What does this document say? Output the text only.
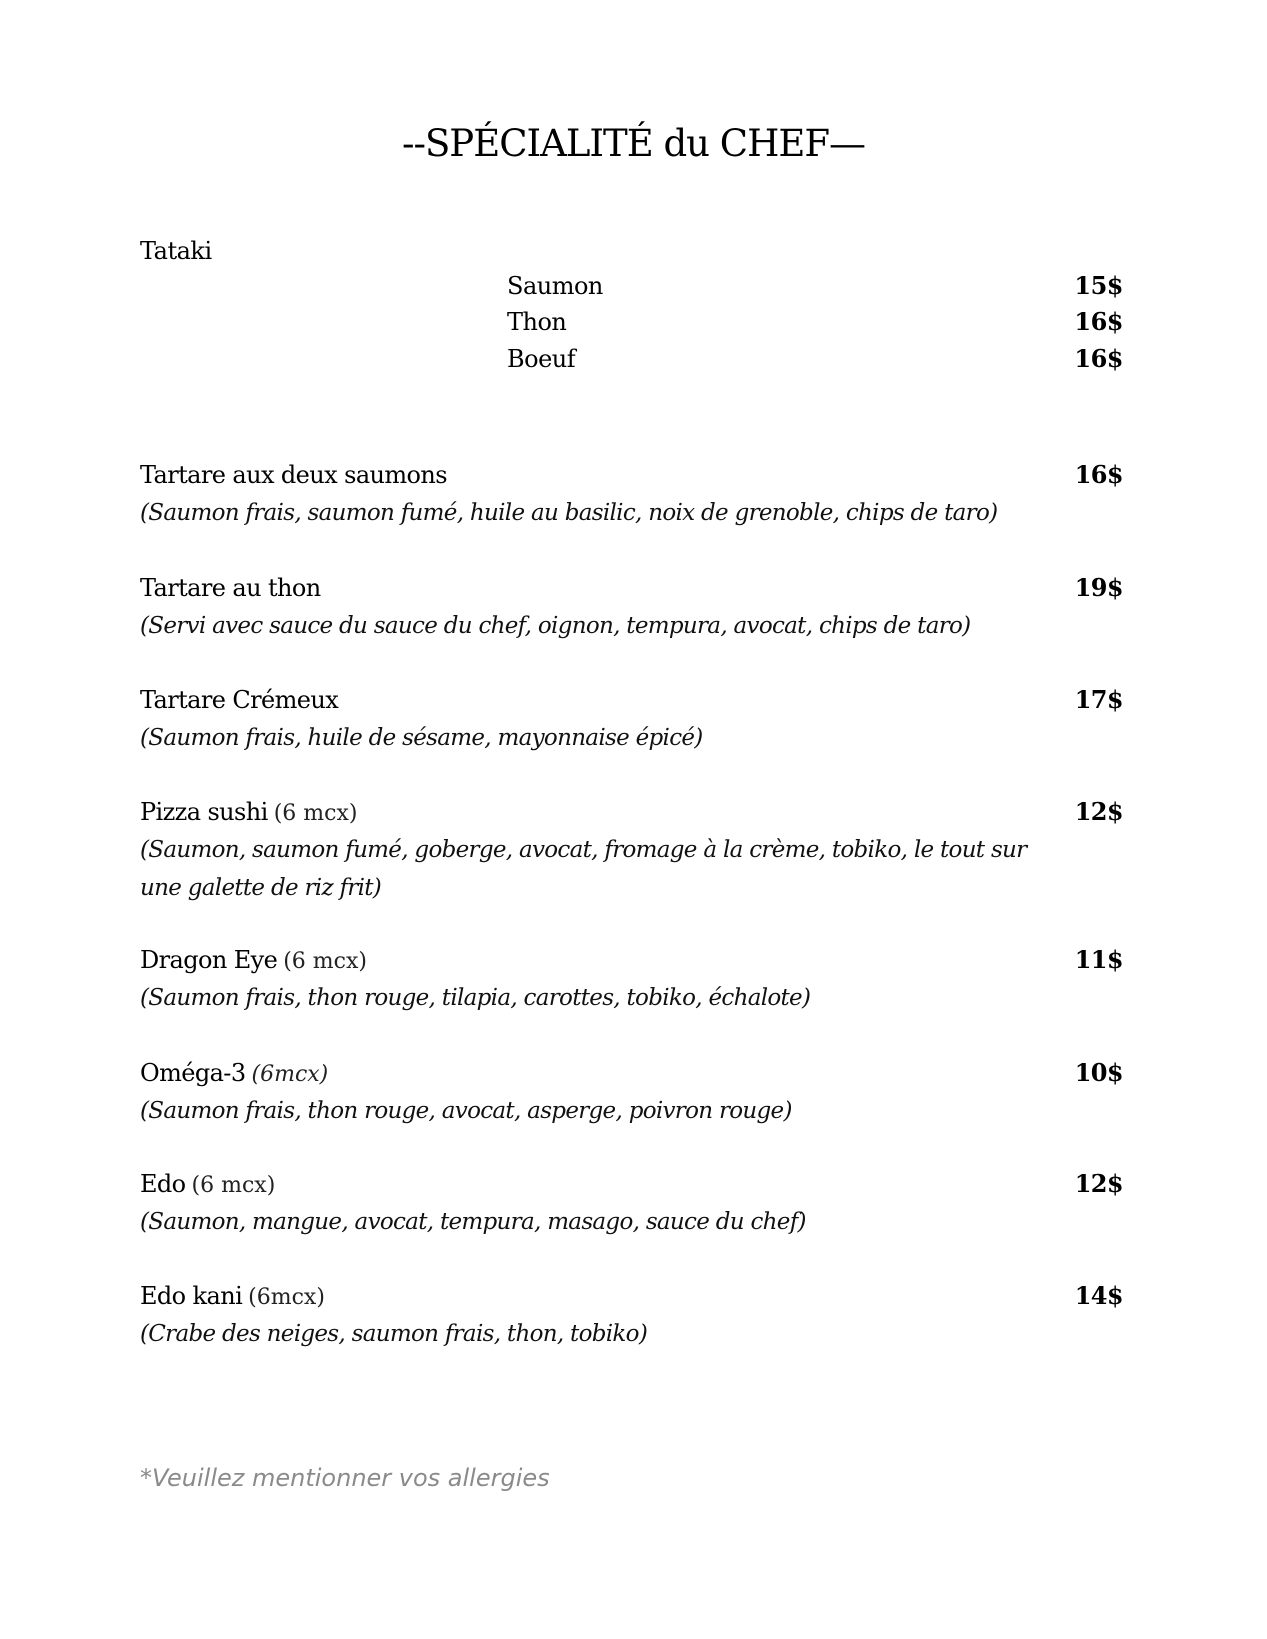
--SPÉCIALITÉ du CHEF—
Tataki
Saumon	15$
Thon	16$
Boeuf	16$
Tartare aux deux saumons	16$
(Saumon frais, saumon fumé, huile au basilic, noix de grenoble, chips de taro)
Tartare au thon	19$
(Servi avec sauce du sauce du chef, oignon, tempura, avocat, chips de taro)
Tartare Crémeux	17$
(Saumon frais, huile de sésame, mayonnaise épicé)
Pizza sushi (6 mcx)	12$
(Saumon, saumon fumé, goberge, avocat, fromage à la crème, tobiko, le tout sur une galette de riz frit)
Dragon Eye (6 mcx)	11$
(Saumon frais, thon rouge, tilapia, carottes, tobiko, échalote)
Oméga-3 (6mcx)	10$
(Saumon frais, thon rouge, avocat, asperge, poivron rouge)
Edo (6 mcx)	12$
(Saumon, mangue, avocat, tempura, masago, sauce du chef)
Edo kani (6mcx)	14$
(Crabe des neiges, saumon frais, thon, tobiko)
*Veuillez mentionner vos allergies
